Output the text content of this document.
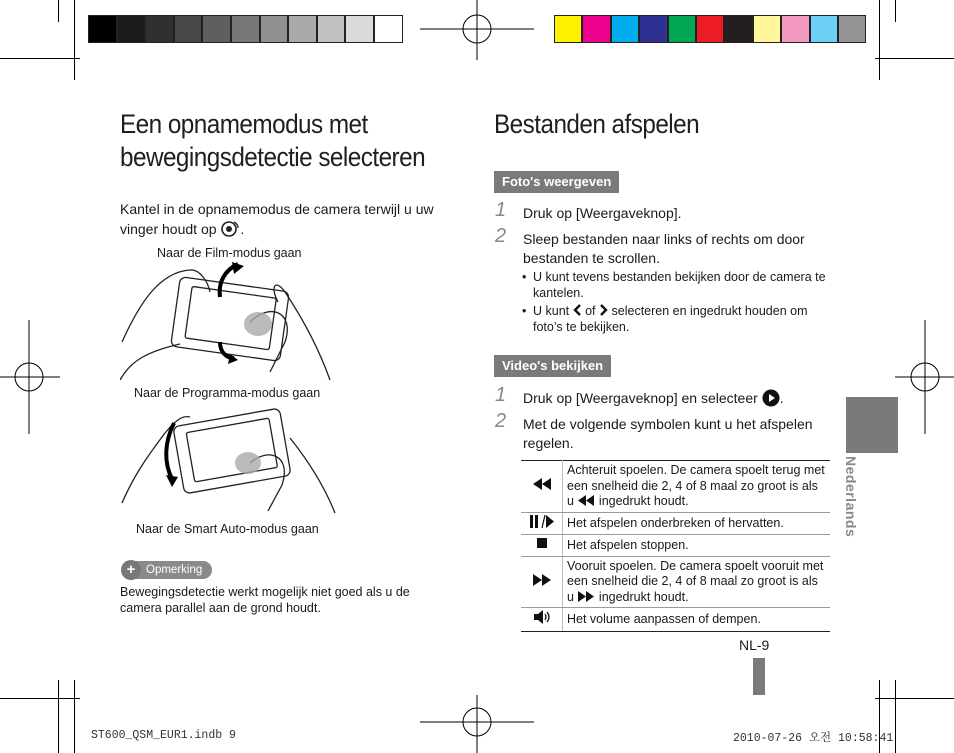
Een opnamemodus met bewegingsdetectie selecteren
Kantel in de opnamemodus de camera terwijl u uw vinger houdt op .
Naar de Film-modus gaan
Naar de Programma-modus gaan
Naar de Smart Auto-modus gaan
+ Opmerking
Bewegingsdetectie werkt mogelijk niet goed als u de camera parallel aan de grond houdt.
Bestanden afspelen
Foto's weergeven
1 Druk op [Weergaveknop].
2 Sleep bestanden naar links of rechts om door bestanden te scrollen.
• U kunt tevens bestanden bekijken door de camera te kantelen.
• U kunt of selecteren en ingedrukt houden om foto’s te bekijken.
Video's bekijken
1 Druk op [Weergaveknop] en selecteer .
2 Met de volgende symbolen kunt u het afspelen regelen.
	Achteruit spoelen. De camera spoelt terug met een snelheid die 2, 4 of 8 maal zo groot is als u ingedrukt houdt.
	Het afspelen onderbreken of hervatten.
	Het afspelen stoppen.
	Vooruit spoelen. De camera spoelt vooruit met een snelheid die 2, 4 of 8 maal zo groot is als u ingedrukt houdt.
	Het volume aanpassen of dempen.
NL-9
Nederlands
ST600_QSM_EUR1.indb 9	2010-07-26 오전 10:58:41
